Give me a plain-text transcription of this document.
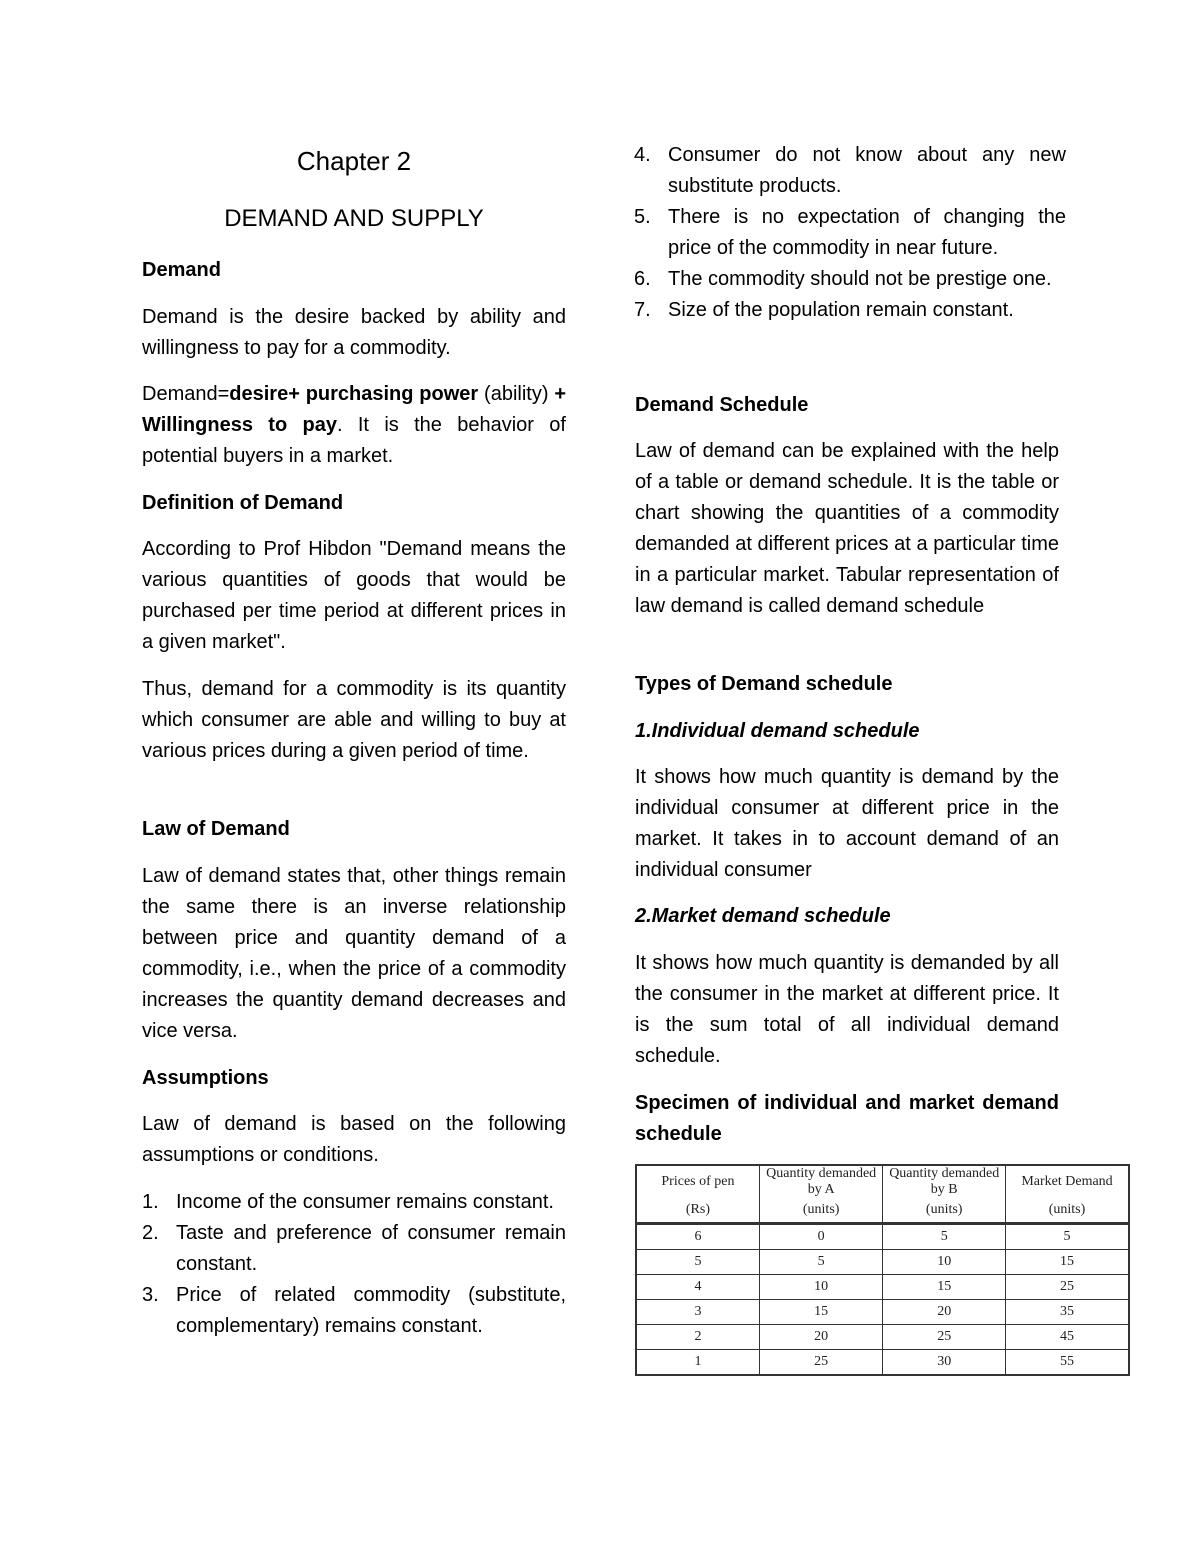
Chapter 2
DEMAND AND SUPPLY
Demand
Demand is the desire backed by ability and willingness to pay for a commodity.
Demand=desire+ purchasing power (ability) + Willingness to pay. It is the behavior of potential buyers in a market.
Definition of Demand
According to Prof Hibdon "Demand means the various quantities of goods that would be purchased per time period at different prices in a given market".
Thus, demand for a commodity is its quantity which consumer are able and willing to buy at various prices during a given period of time.
Law of Demand
Law of demand states that, other things remain the same there is an inverse relationship between price and quantity demand of a commodity, i.e., when the price of a commodity increases the quantity demand decreases and vice versa.
Assumptions
Law of demand is based on the following assumptions or conditions.
1. Income of the consumer remains constant.
2. Taste and preference of consumer remain constant.
3. Price of related commodity (substitute, complementary) remains constant.
4. Consumer do not know about any new substitute products.
5. There is no expectation of changing the price of the commodity in near future.
6. The commodity should not be prestige one.
7. Size of the population remain constant.
Demand Schedule
Law of demand can be explained with the help of a table or demand schedule. It is the table or chart showing the quantities of a commodity demanded at different prices at a particular time in a particular market. Tabular representation of law demand is called demand schedule
Types of Demand schedule
1.Individual demand schedule
It shows how much quantity is demand by the individual consumer at different price in the market. It takes in to account demand of an individual consumer
2.Market demand schedule
It shows how much quantity is demanded by all the consumer in the market at different price. It is the sum total of all individual demand schedule.
Specimen of individual and market demand schedule
Prices of pen	Quantity demanded by A	Quantity demanded by B	Market Demand
(Rs)	(units)	(units)	(units)
6	0	5	5
5	5	10	15
4	10	15	25
3	15	20	35
2	20	25	45
1	25	30	55
